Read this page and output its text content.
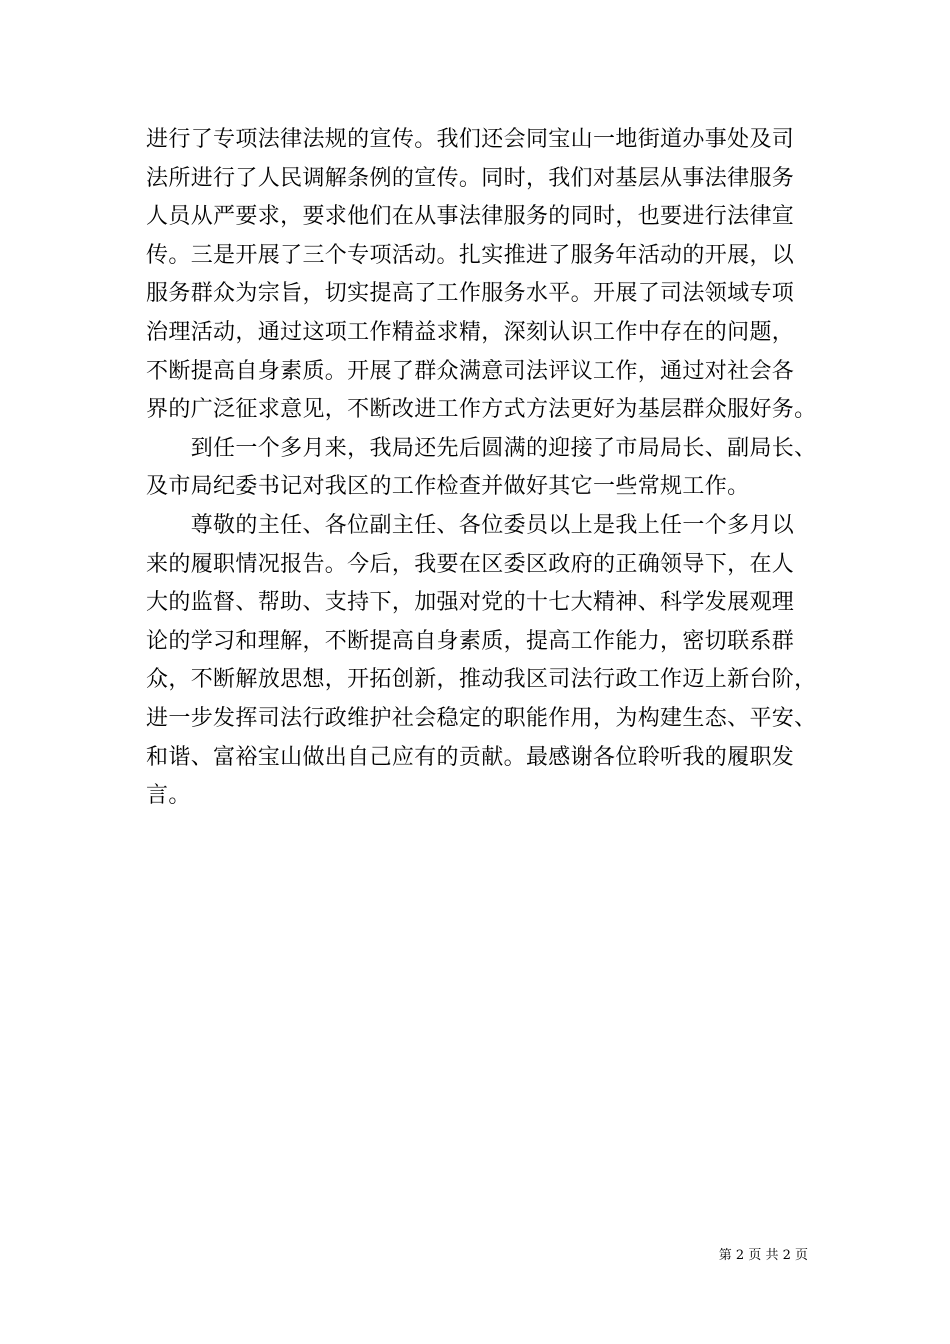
进行了专项法律法规的宣传。我们还会同宝山一地街道办事处及司
法所进行了人民调解条例的宣传。同时，我们对基层从事法律服务
人员从严要求，要求他们在从事法律服务的同时，也要进行法律宣
传。三是开展了三个专项活动。扎实推进了服务年活动的开展，以
服务群众为宗旨，切实提高了工作服务水平。开展了司法领域专项
治理活动，通过这项工作精益求精，深刻认识工作中存在的问题，
不断提高自身素质。开展了群众满意司法评议工作，通过对社会各
界的广泛征求意见，不断改进工作方式方法更好为基层群众服好务。
　　到任一个多月来，我局还先后圆满的迎接了市局局长、副局长、
及市局纪委书记对我区的工作检查并做好其它一些常规工作。
　　尊敬的主任、各位副主任、各位委员以上是我上任一个多月以
来的履职情况报告。今后，我要在区委区政府的正确领导下，在人
大的监督、帮助、支持下，加强对党的十七大精神、科学发展观理
论的学习和理解，不断提高自身素质，提高工作能力，密切联系群
众，不断解放思想，开拓创新，推动我区司法行政工作迈上新台阶，
进一步发挥司法行政维护社会稳定的职能作用，为构建生态、平安、
和谐、富裕宝山做出自己应有的贡献。最感谢各位聆听我的履职发
言。
第 2 页 共 2 页
